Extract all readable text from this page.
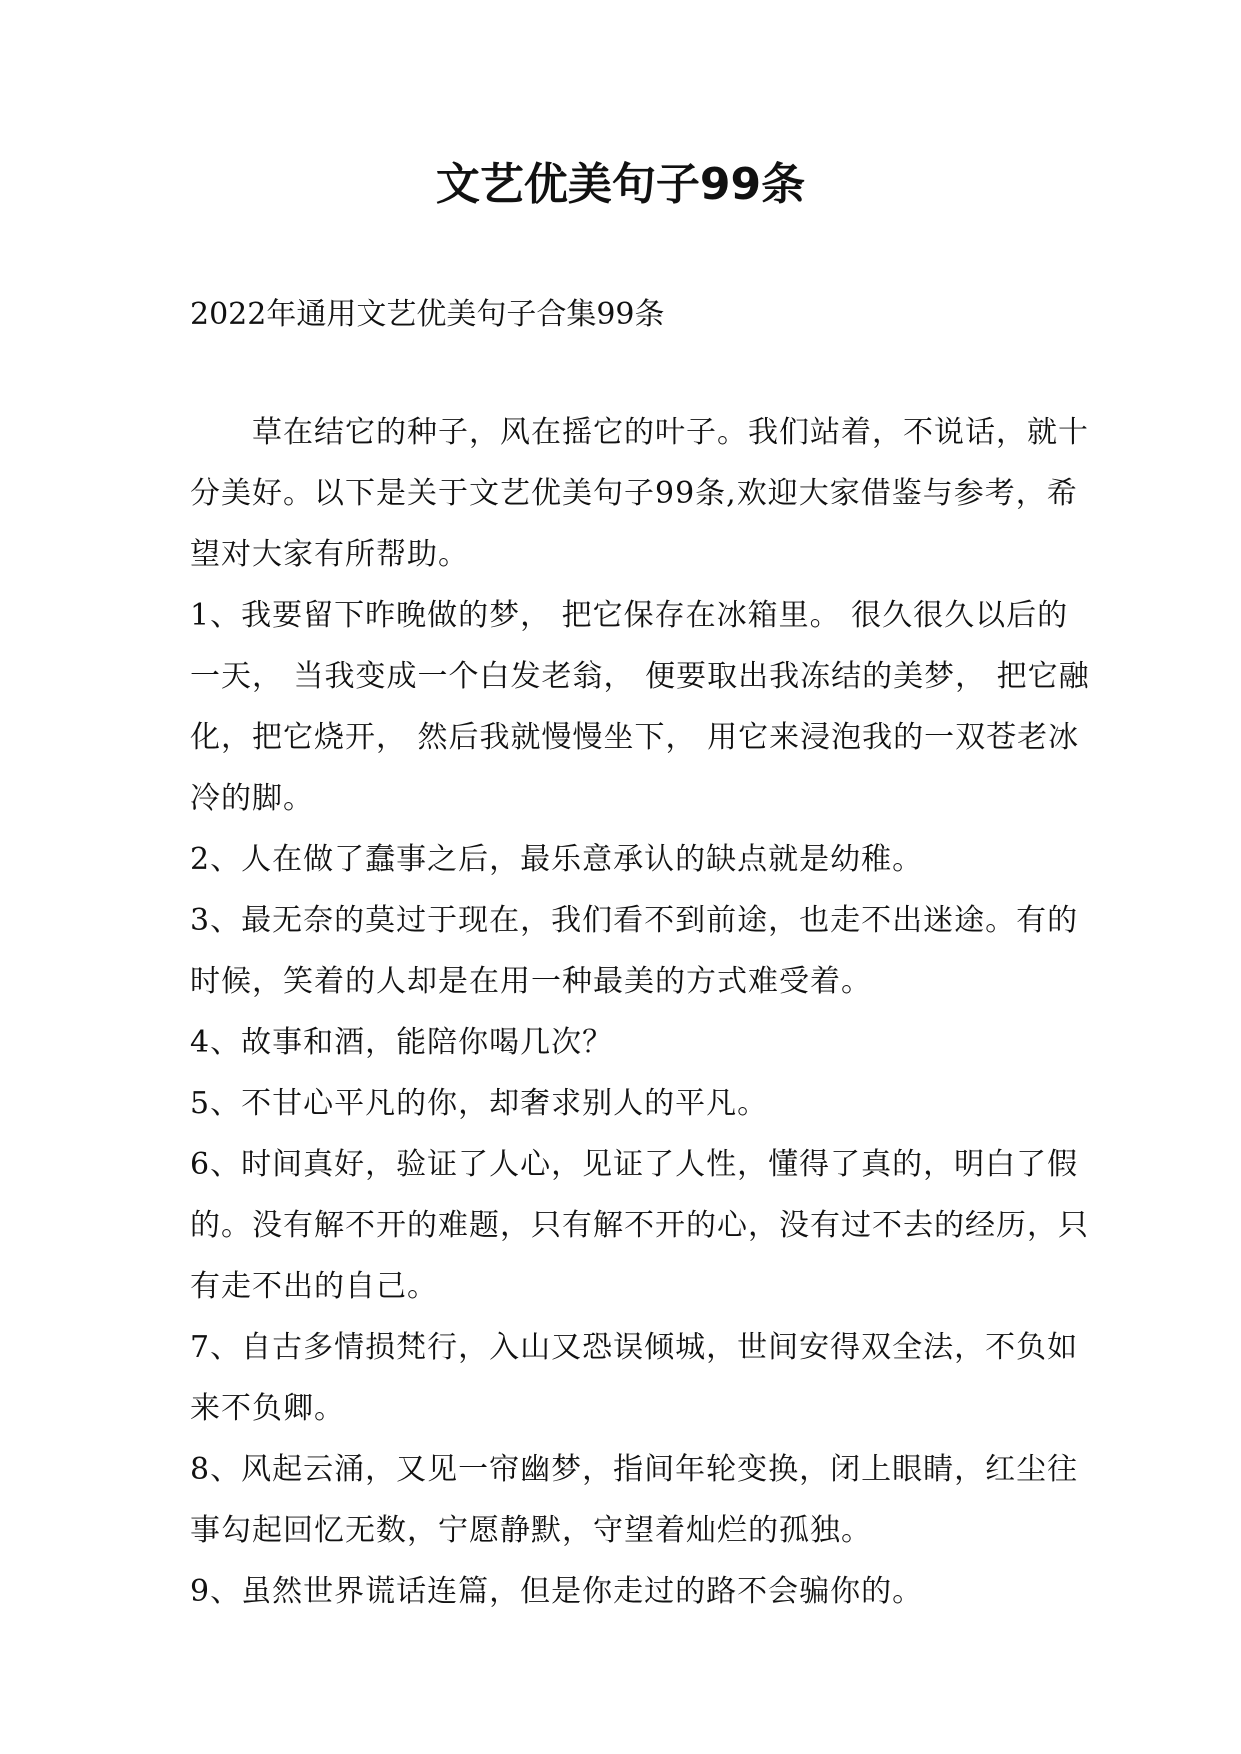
文艺优美句子99条

2022年通用文艺优美句子合集99条

草在结它的种子，风在摇它的叶子。我们站着，不说话，就十分美好。以下是关于文艺优美句子99条,欢迎大家借鉴与参考，希望对大家有所帮助。

1、我要留下昨晚做的梦， 把它保存在冰箱里。 很久很久以后的一天， 当我变成一个白发老翁， 便要取出我冻结的美梦， 把它融化，把它烧开， 然后我就慢慢坐下， 用它来浸泡我的一双苍老冰冷的脚。

2、人在做了蠢事之后，最乐意承认的缺点就是幼稚。

3、最无奈的莫过于现在，我们看不到前途，也走不出迷途。有的时候，笑着的人却是在用一种最美的方式难受着。

4、故事和酒，能陪你喝几次？

5、不甘心平凡的你，却奢求别人的平凡。

6、时间真好，验证了人心，见证了人性，懂得了真的，明白了假的。没有解不开的难题，只有解不开的心，没有过不去的经历，只有走不出的自己。

7、自古多情损梵行，入山又恐误倾城，世间安得双全法，不负如来不负卿。

8、风起云涌，又见一帘幽梦，指间年轮变换，闭上眼睛，红尘往事勾起回忆无数，宁愿静默，守望着灿烂的孤独。

9、虽然世界谎话连篇，但是你走过的路不会骗你的。
